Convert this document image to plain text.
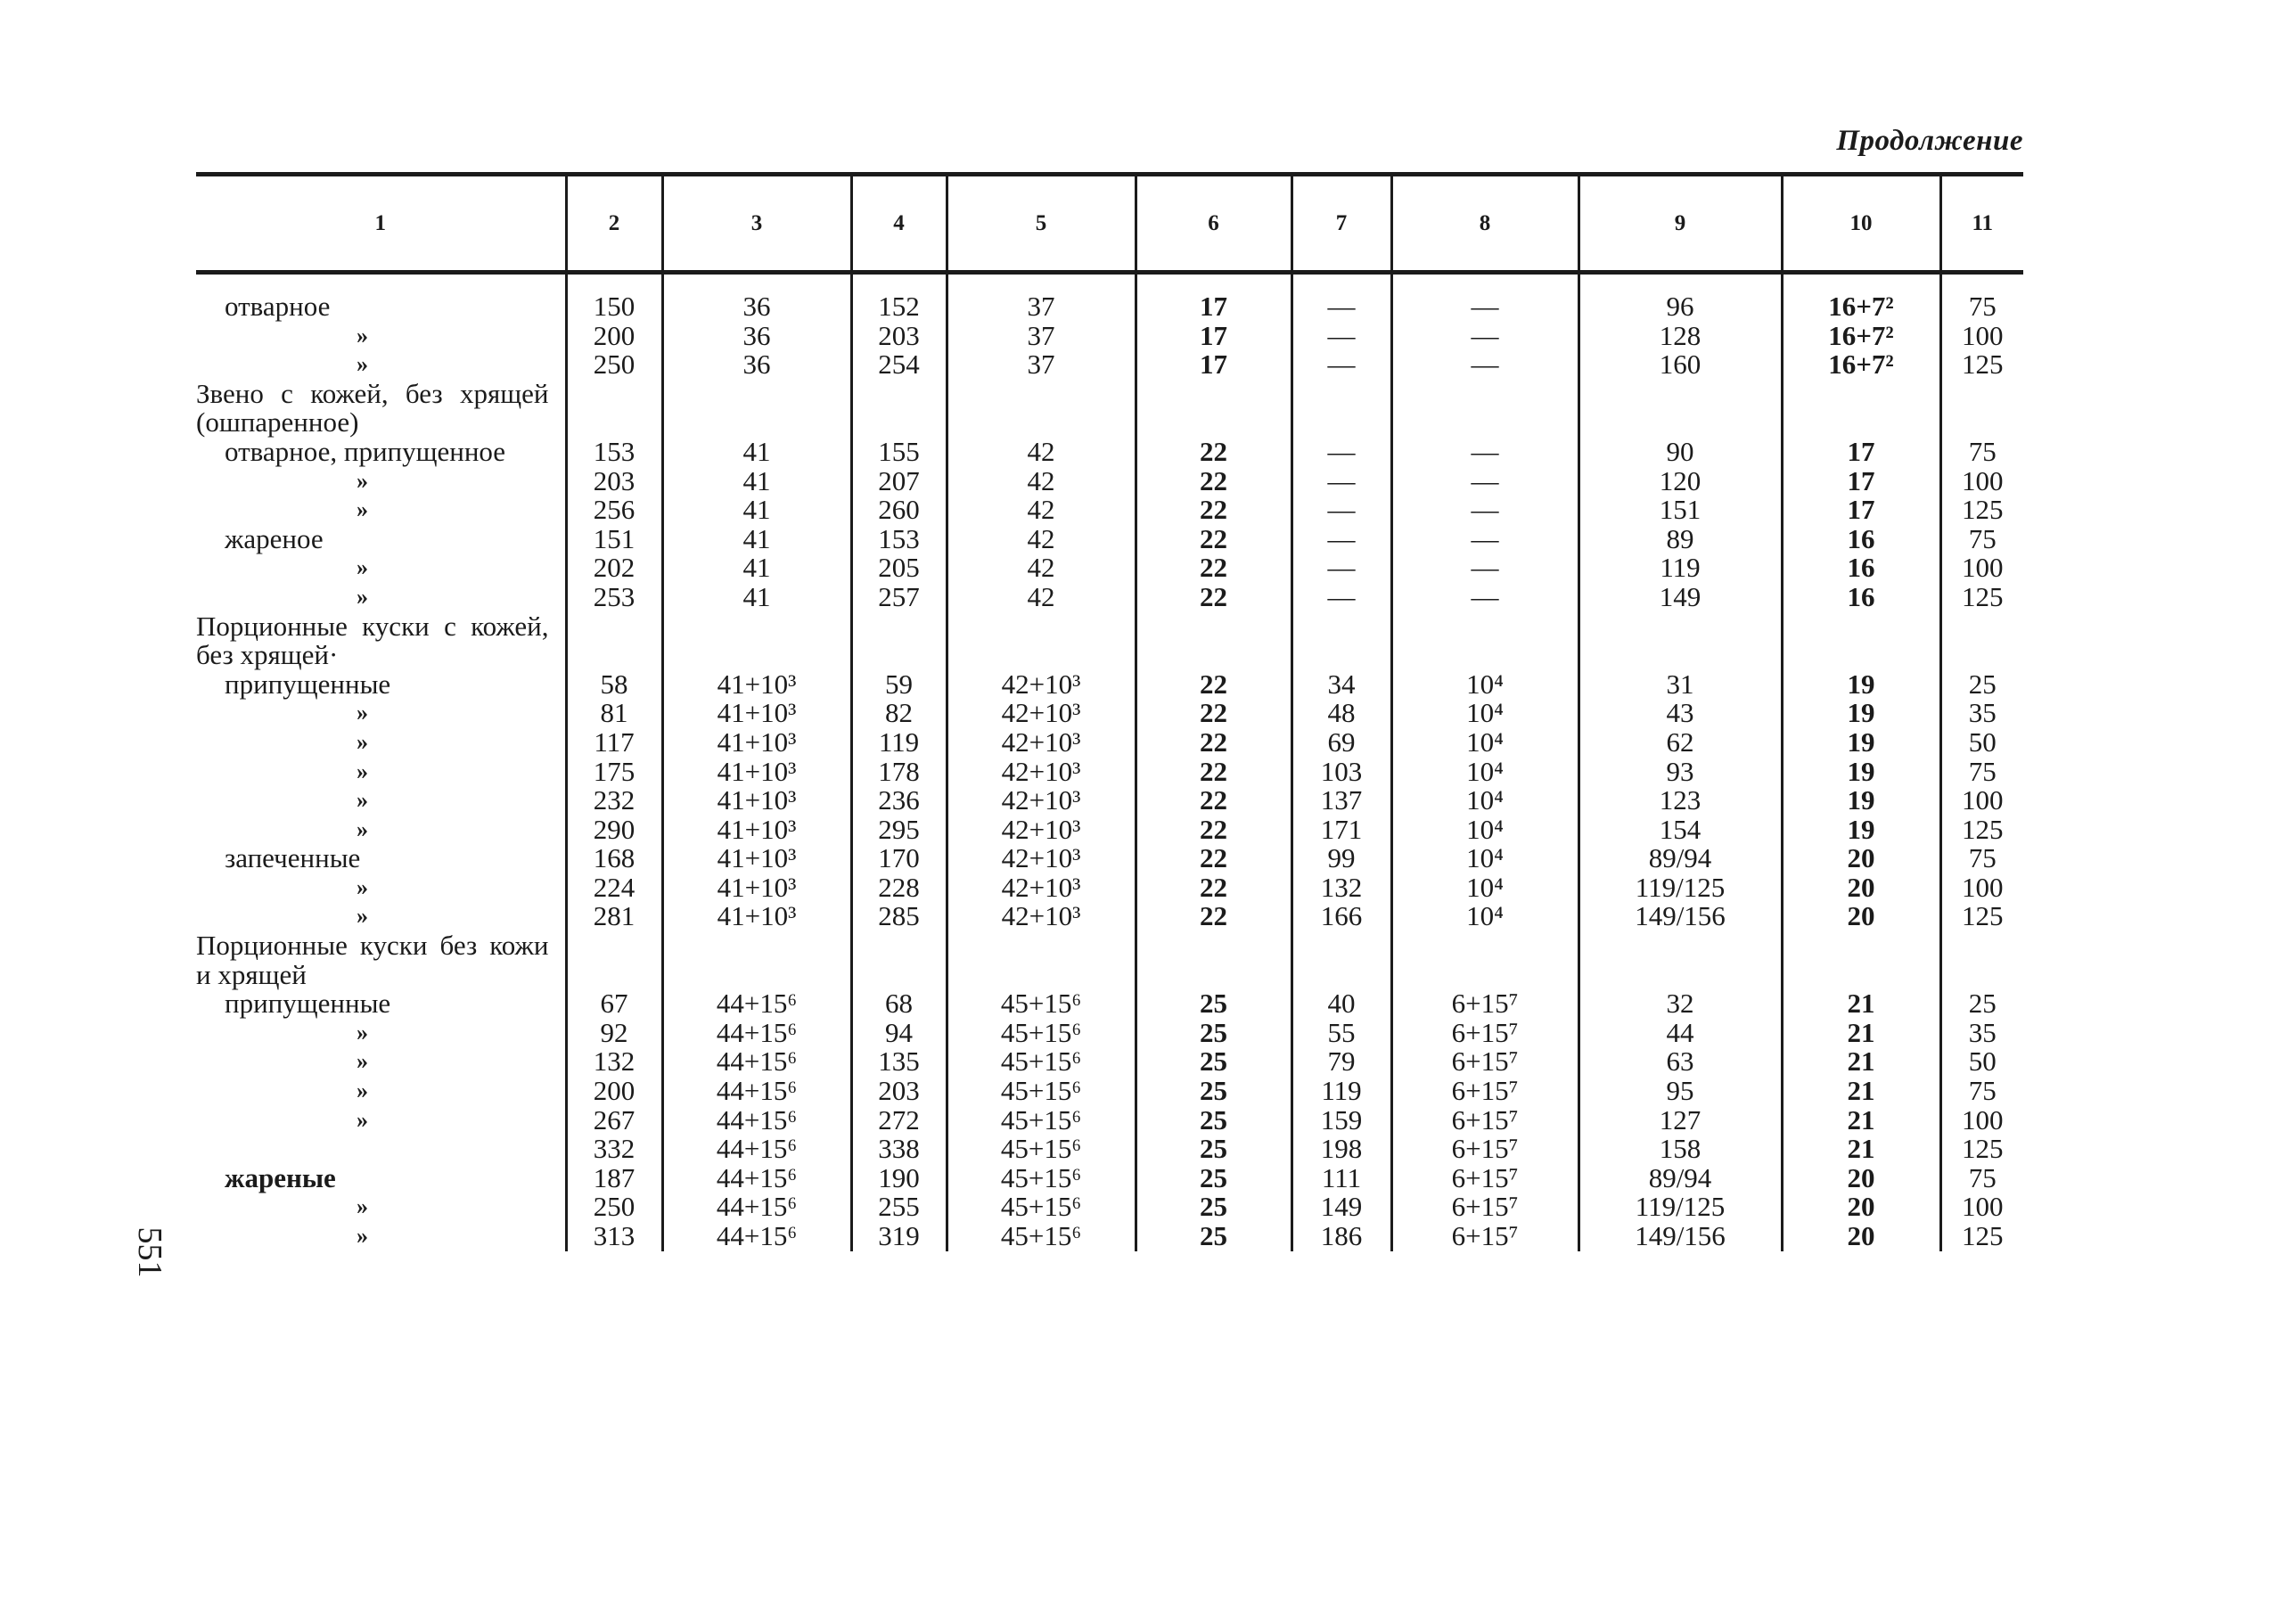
Продолжение
1	2	3	4	5	6	7	8	9	10	11

отварное	150	36	152	37	17	—	—	96	16+7²	75
»	200	36	203	37	17	—	—	128	16+7²	100
»	250	36	254	37	17	—	—	160	16+7²	125
Звено с кожей, без хрящей (ошпаренное)										
отварное, припущенное	153	41	155	42	22	—	—	90	17	75
»	203	41	207	42	22	—	—	120	17	100
»	256	41	260	42	22	—	—	151	17	125
жареное	151	41	153	42	22	—	—	89	16	75
»	202	41	205	42	22	—	—	119	16	100
»	253	41	257	42	22	—	—	149	16	125
Порционные куски с кожей, без хрящей·										
припущенные	58	41+10³	59	42+10³	22	34	10⁴	31	19	25
»	81	41+10³	82	42+10³	22	48	10⁴	43	19	35
»	117	41+10³	119	42+10³	22	69	10⁴	62	19	50
»	175	41+10³	178	42+10³	22	103	10⁴	93	19	75
»	232	41+10³	236	42+10³	22	137	10⁴	123	19	100
»	290	41+10³	295	42+10³	22	171	10⁴	154	19	125
запеченные	168	41+10³	170	42+10³	22	99	10⁴	89/94	20	75
»	224	41+10³	228	42+10³	22	132	10⁴	119/125	20	100
»	281	41+10³	285	42+10³	22	166	10⁴	149/156	20	125
Порционные куски без кожи и хрящей										
припущенные	67	44+15⁶	68	45+15⁶	25	40	6+15⁷	32	21	25
»	92	44+15⁶	94	45+15⁶	25	55	6+15⁷	44	21	35
»	132	44+15⁶	135	45+15⁶	25	79	6+15⁷	63	21	50
»	200	44+15⁶	203	45+15⁶	25	119	6+15⁷	95	21	75
»	267	44+15⁶	272	45+15⁶	25	159	6+15⁷	127	21	100
	332	44+15⁶	338	45+15⁶	25	198	6+15⁷	158	21	125
жареные	187	44+15⁶	190	45+15⁶	25	111	6+15⁷	89/94	20	75
»	250	44+15⁶	255	45+15⁶	25	149	6+15⁷	119/125	20	100
»	313	44+15⁶	319	45+15⁶	25	186	6+15⁷	149/156	20	125
551
